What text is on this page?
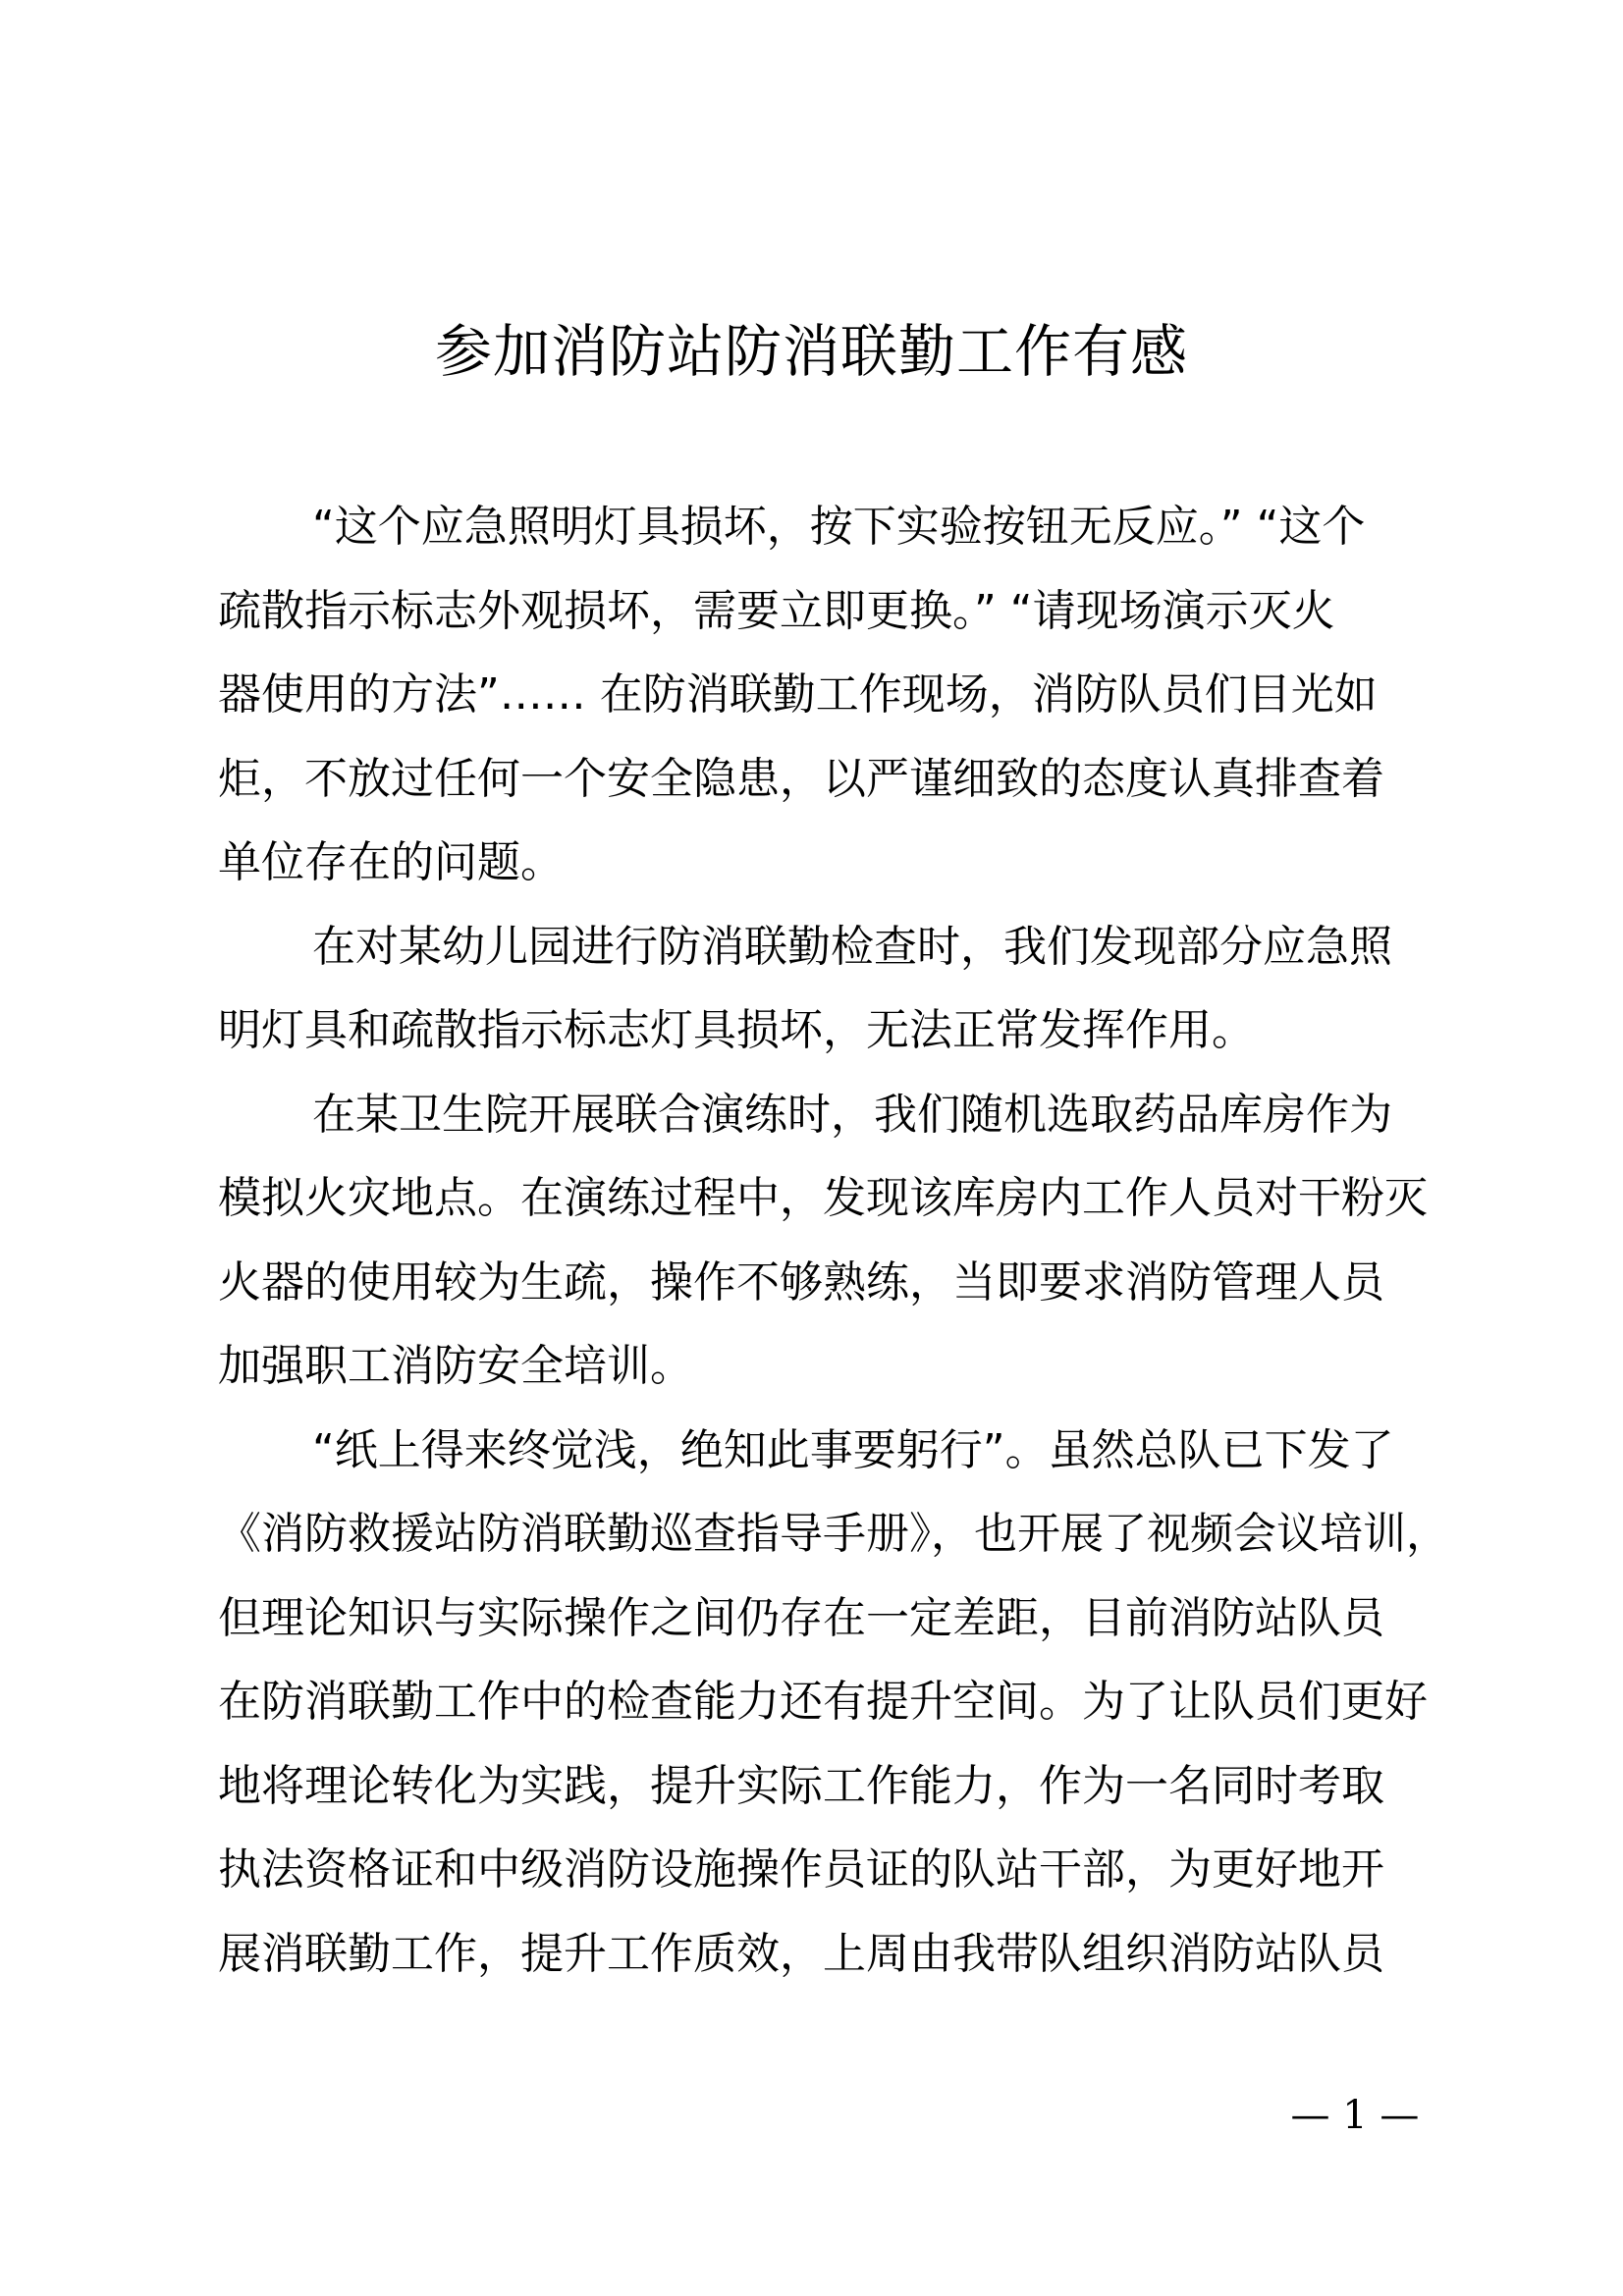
参加消防站防消联勤工作有感
“这个应急照明灯具损坏，按下实验按钮无反应。” “这个
疏散指示标志外观损坏，需要立即更换。” “请现场演示灭火
器使用的方法”…… 在防消联勤工作现场，消防队员们目光如
炬，不放过任何一个安全隐患，以严谨细致的态度认真排查着
单位存在的问题。
在对某幼儿园进行防消联勤检查时，我们发现部分应急照
明灯具和疏散指示标志灯具损坏，无法正常发挥作用。
在某卫生院开展联合演练时，我们随机选取药品库房作为
模拟火灾地点。在演练过程中，发现该库房内工作人员对干粉灭
火器的使用较为生疏，操作不够熟练，当即要求消防管理人员
加强职工消防安全培训。
“纸上得来终觉浅，绝知此事要躬行”。虽然总队已下发了
《消防救援站防消联勤巡查指导手册》，也开展了视频会议培训，
但理论知识与实际操作之间仍存在一定差距，目前消防站队员
在防消联勤工作中的检查能力还有提升空间。为了让队员们更好
地将理论转化为实践，提升实际工作能力，作为一名同时考取
执法资格证和中级消防设施操作员证的队站干部，为更好地开
展消联勤工作，提升工作质效，上周由我带队组织消防站队员
— 1 —
